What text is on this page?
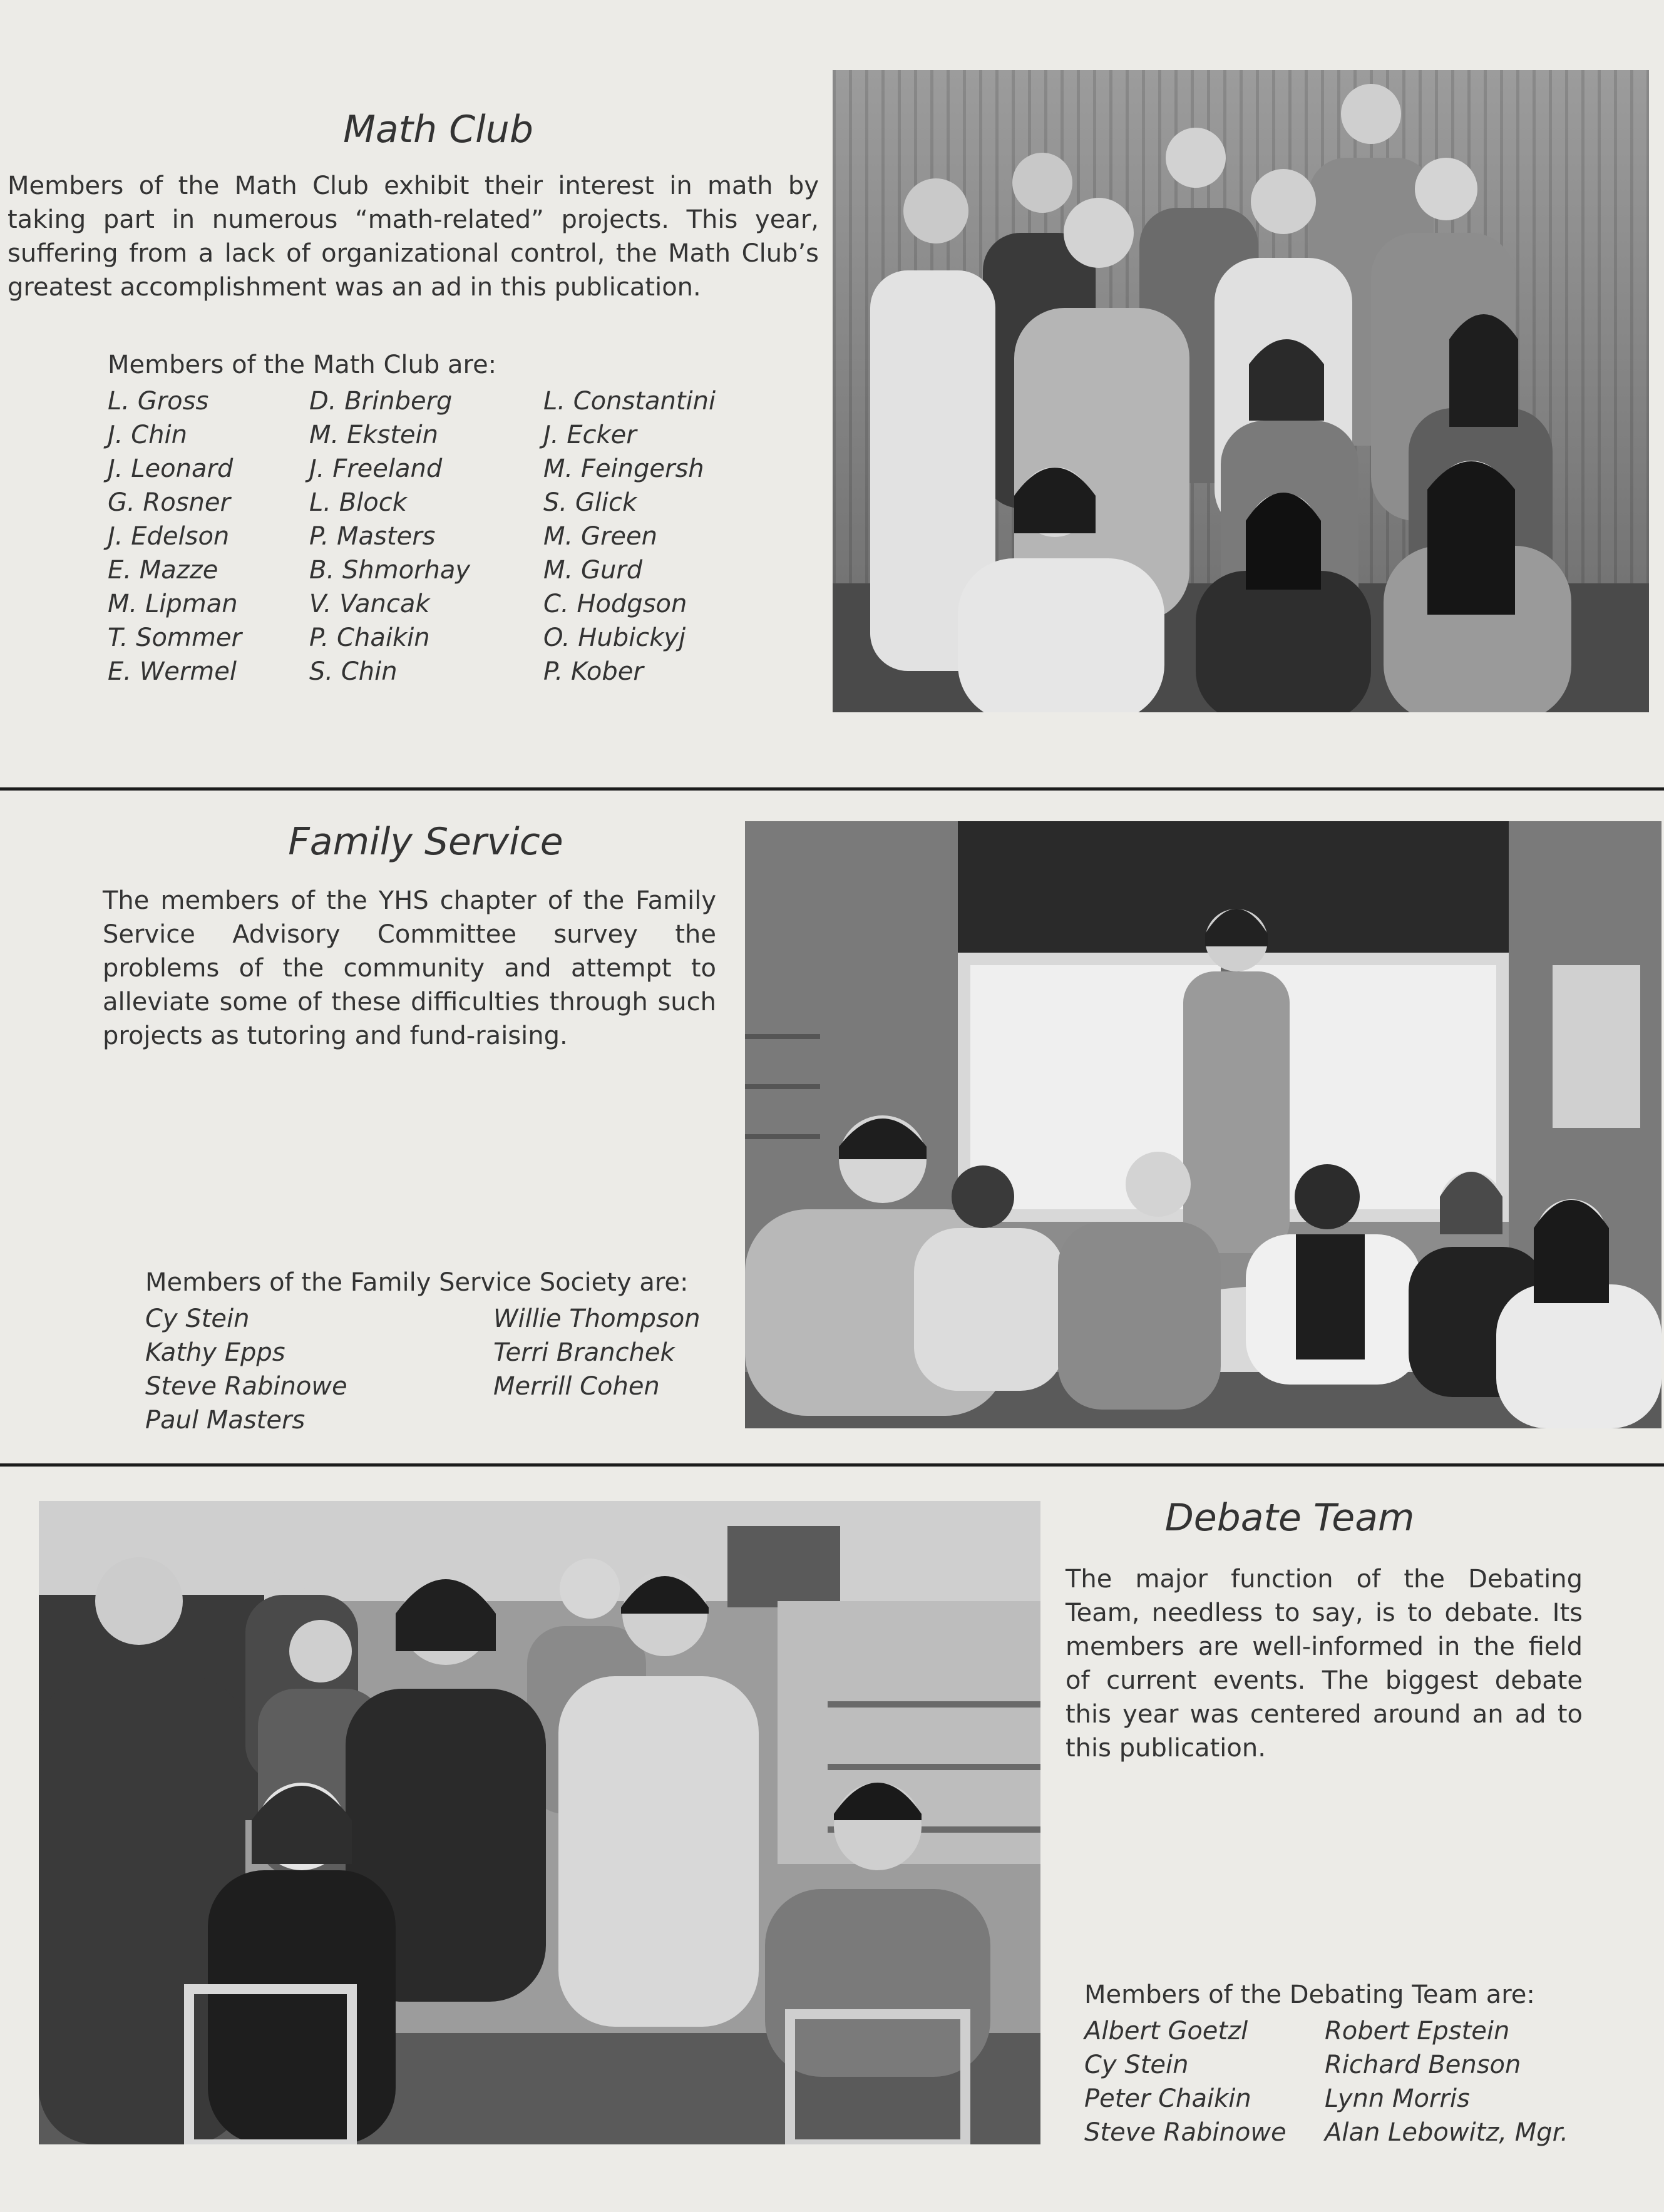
Math Club
Members of the Math Club exhibit their interest in math by taking part in numerous “math-related” projects. This year, suffering from a lack of organizational control, the Math Club’s greatest accomplishment was an ad in this publication.
Members of the Math Club are:
L. Gross
J. Chin
J. Leonard
G. Rosner
J. Edelson
E. Mazze
M. Lipman
T. Sommer
E. Wermel
D. Brinberg
M. Ekstein
J. Freeland
L. Block
P. Masters
B. Shmorhay
V. Vancak
P. Chaikin
S. Chin
L. Constantini
J. Ecker
M. Feingersh
S. Glick
M. Green
M. Gurd
C. Hodgson
O. Hubickyj
P. Kober
Family Service
The members of the YHS chapter of the Family Service Advisory Committee survey the problems of the community and attempt to alleviate some of these difficulties through such projects as tutoring and fund-raising.
Members of the Family Service Society are:
Cy Stein
Kathy Epps
Steve Rabinowe
Paul Masters
Willie Thompson
Terri Branchek
Merrill Cohen
Debate Team
The major function of the Debating Team, needless to say, is to debate. Its members are well-informed in the field of current events. The biggest debate this year was centered around an ad to this publication.
Members of the Debating Team are:
Albert Goetzl
Cy Stein
Peter Chaikin
Steve Rabinowe
Robert Epstein
Richard Benson
Lynn Morris
Alan Lebowitz, Mgr.
